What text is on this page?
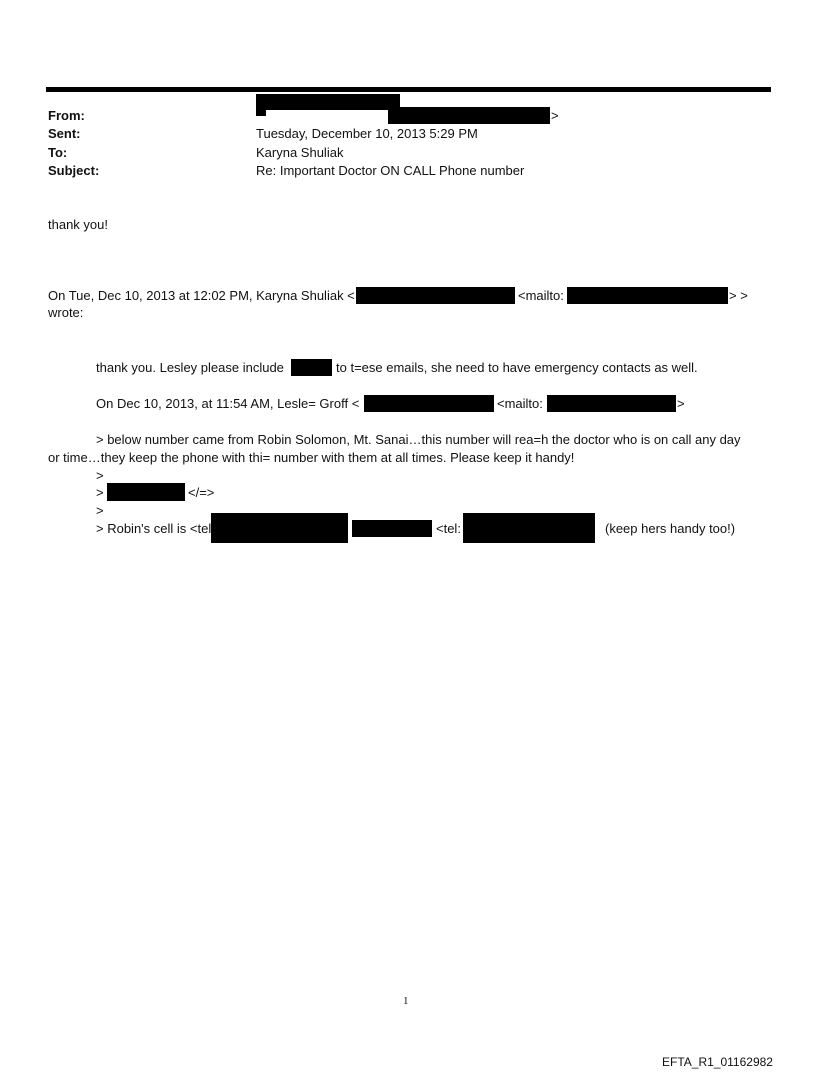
From:	>
Sent:	Tuesday, December 10, 2013 5:29 PM
To:	Karyna Shuliak
Subject:	Re: Important Doctor ON CALL Phone number
thank you!
On Tue, Dec 10, 2013 at 12:02 PM, Karyna Shuliak <	<mailto:	> >
wrote:
thank you. Lesley please include	to t=ese emails, she need to have emergency contacts as well.
On Dec 10, 2013, at 11:54 AM, Lesle= Groff <	<mailto:	>
> below number came from Robin Solomon, Mt. Sanai…this number will rea=h the doctor who is on call any day
or time…they keep the phone with thi= number with them at all times. Please keep it handy!
>
>	</=>
>
> Robin's cell is <tel	<tel:	(keep hers handy too!)
1
EFTA_R1_01162982
